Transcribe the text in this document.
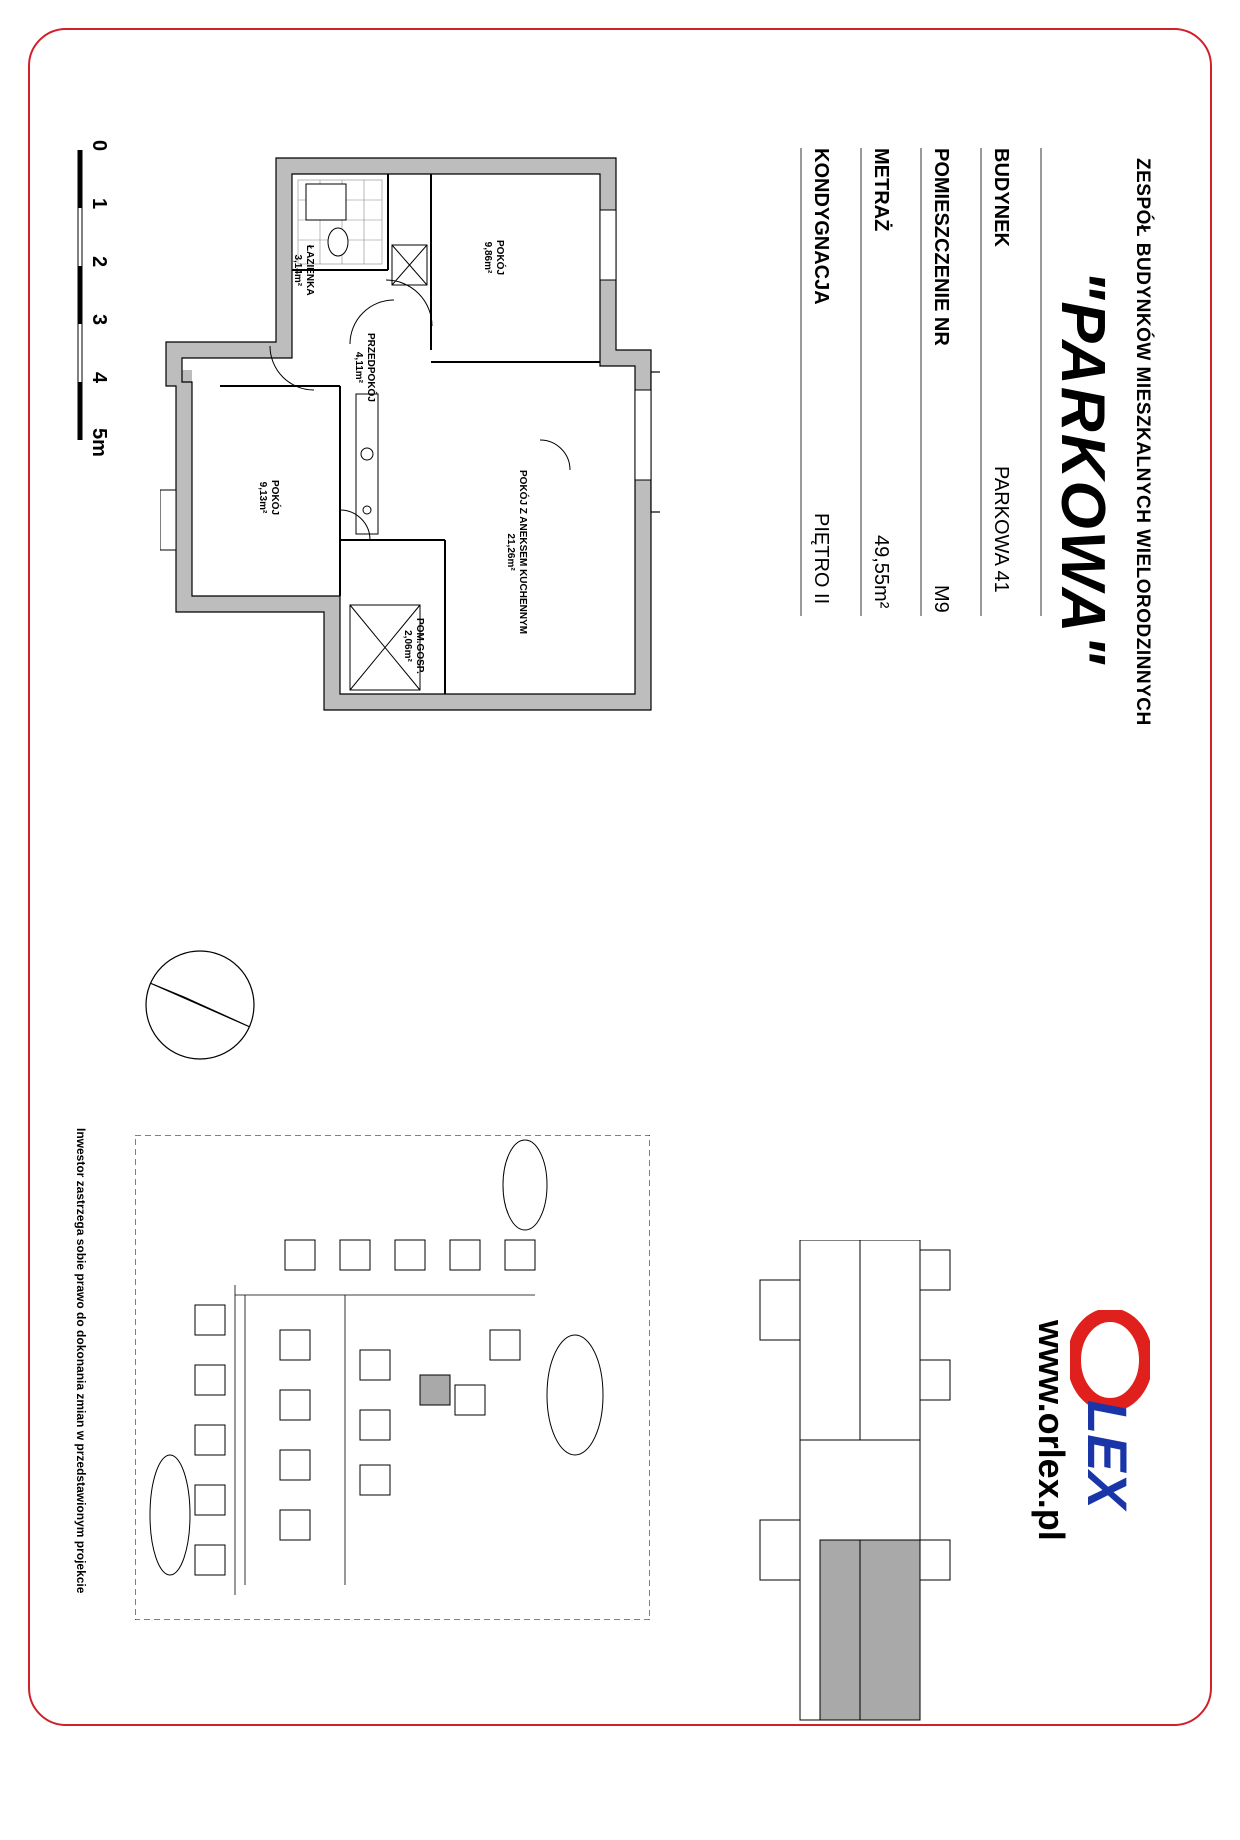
ZESPÓŁ BUDYNKÓW MIESZKALNYCH WIELORODZINNYCH
"PARKOWA"
BUDYNEK
PARKOWA 41
POMIESZCZENIE NR
M9
METRAŻ
49,55m²
KONDYGNACJA
PIĘTRO II
ŁAZIENKA
3,14m²	POKÓJ
9,86m²
PRZEDPOKÓJ
4,11m²
POKÓJ Z ANEKSEM KUCHENNYM
21,26m²
POKÓJ
9,13m²
POM.GOSP.
2,06m²
0
1
2
3
4
5m
LEX
www.orlex.pl
Inwestor zastrzega sobie prawo do dokonania zmian w przedstawionym projekcie
